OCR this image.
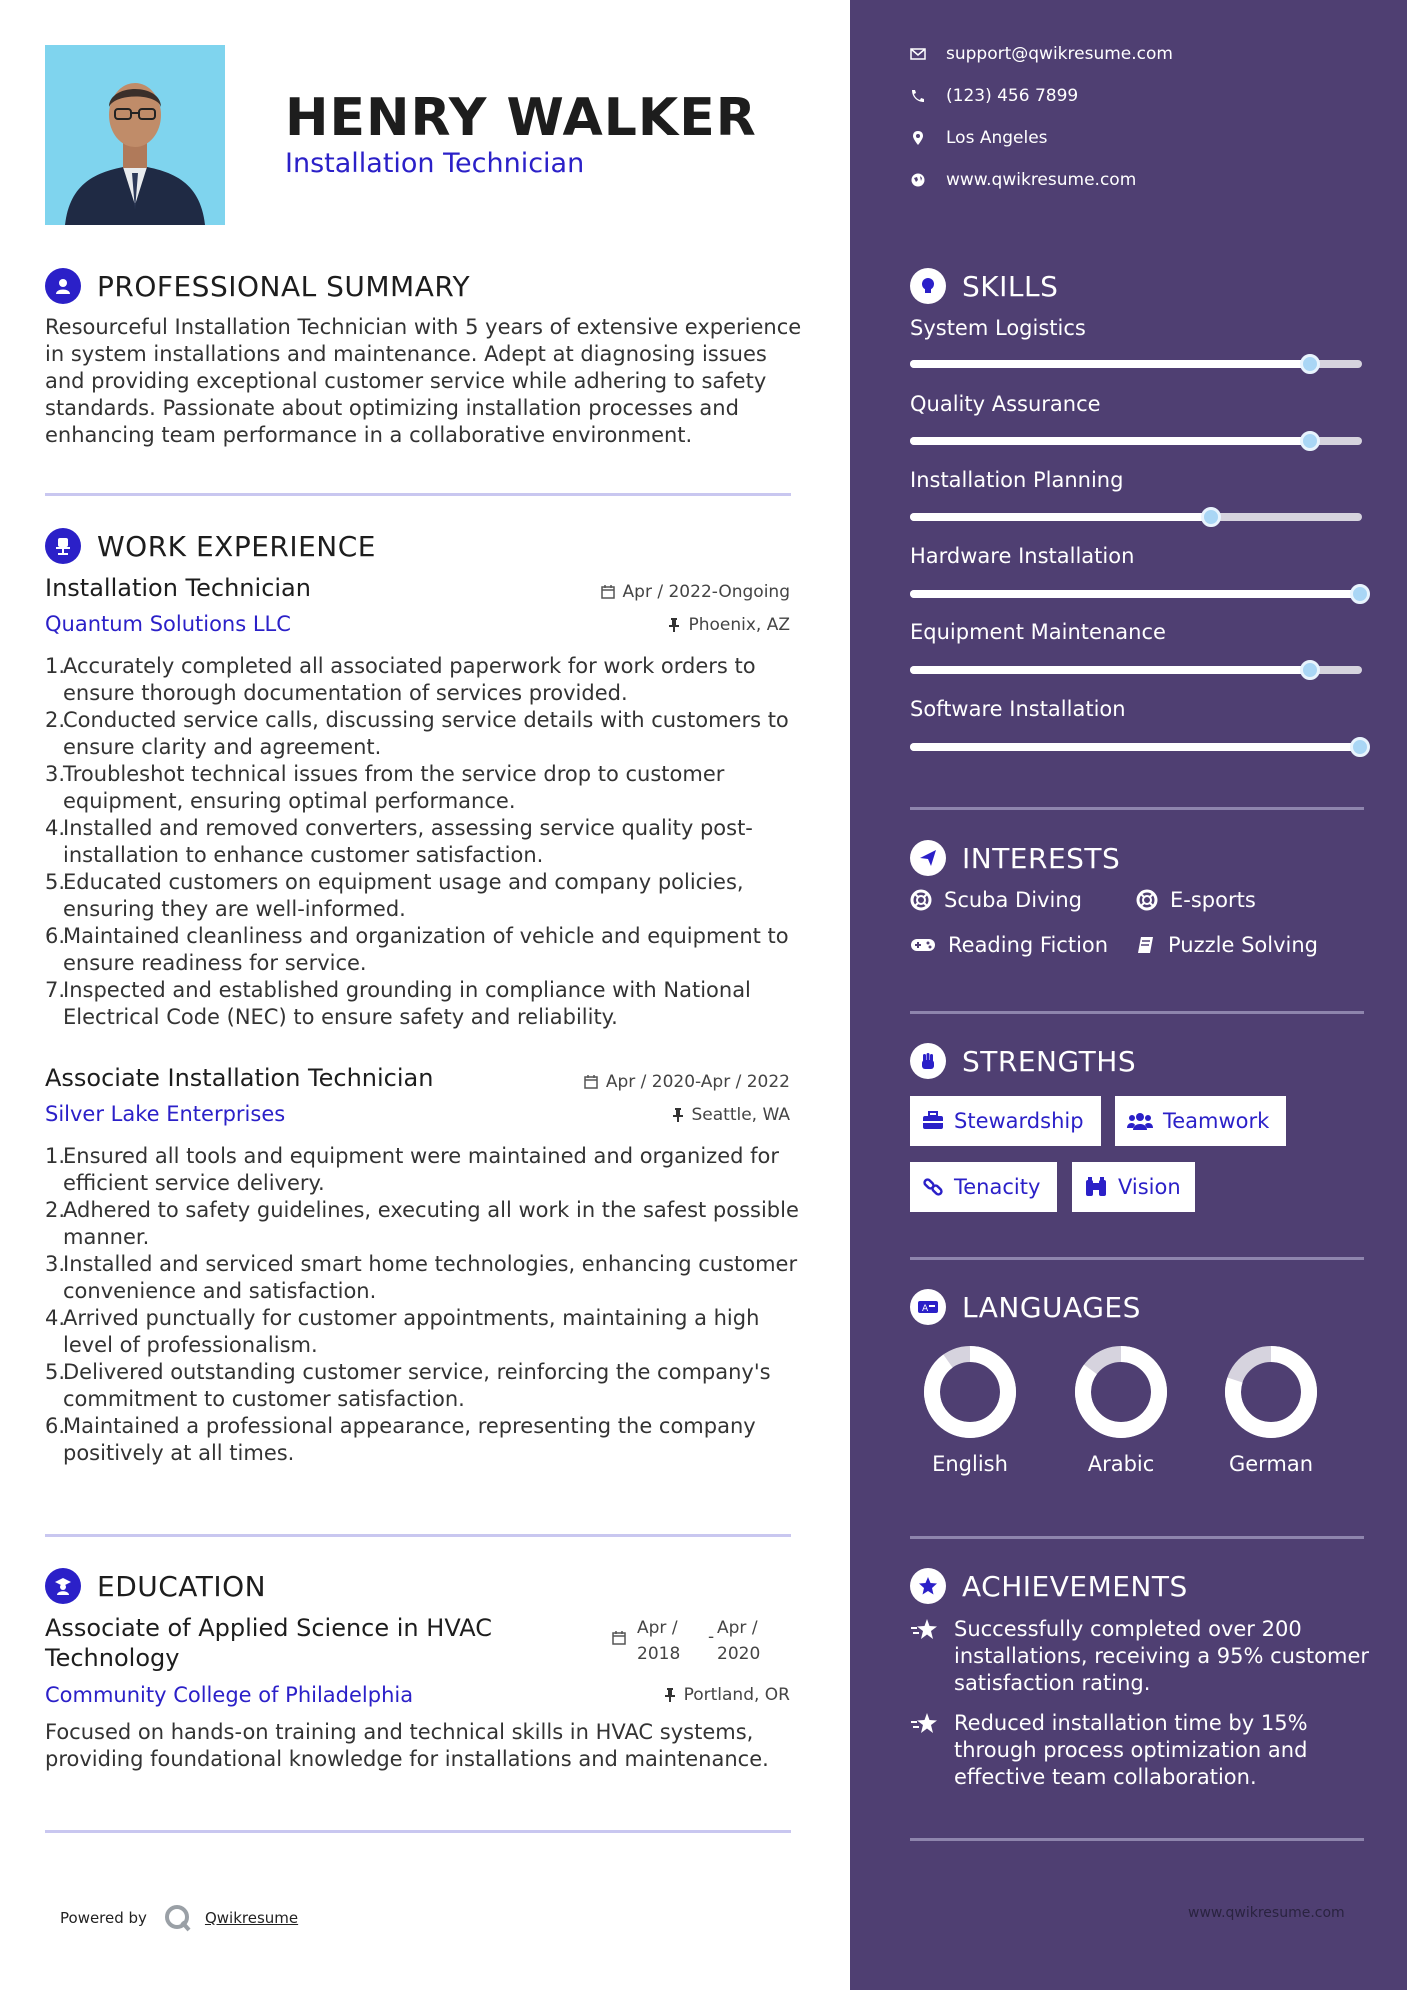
HENRY WALKER
Installation Technician
PROFESSIONAL SUMMARY
Resourceful Installation Technician with 5 years of extensive experience in system installations and maintenance. Adept at diagnosing issues and providing exceptional customer service while adhering to safety standards. Passionate about optimizing installation processes and enhancing team performance in a collaborative environment.
WORK EXPERIENCE
Installation Technician	Apr / 2022-Ongoing
Quantum Solutions LLC	Phoenix, AZ
1.
Accurately completed all associated paperwork for work orders to ensure thorough documentation of services provided.
2.
Conducted service calls, discussing service details with customers to ensure clarity and agreement.
3.
Troubleshot technical issues from the service drop to customer equipment, ensuring optimal performance.
4.
Installed and removed converters, assessing service quality post-installation to enhance customer satisfaction.
5.
Educated customers on equipment usage and company policies, ensuring they are well-informed.
6.
Maintained cleanliness and organization of vehicle and equipment to ensure readiness for service.
7.
Inspected and established grounding in compliance with National Electrical Code (NEC) to ensure safety and reliability.
Associate Installation Technician	Apr / 2020-Apr / 2022
Silver Lake Enterprises	Seattle, WA
1.
Ensured all tools and equipment were maintained and organized for efficient service delivery.
2.
Adhered to safety guidelines, executing all work in the safest possible manner.
3.
Installed and serviced smart home technologies, enhancing customer convenience and satisfaction.
4.
Arrived punctually for customer appointments, maintaining a high level of professionalism.
5.
Delivered outstanding customer service, reinforcing the company's commitment to customer satisfaction.
6.
Maintained a professional appearance, representing the company positively at all times.
EDUCATION
Associate of Applied Science in HVAC Technology
Apr /
2018
- Apr /
2020
Community College of Philadelphia	Portland, OR
Focused on hands-on training and technical skills in HVAC systems, providing foundational knowledge for installations and maintenance.
Powered by	Qwikresume
support@qwikresume.com
(123) 456 7899
Los Angeles
www.qwikresume.com
SKILLS
System Logistics
Quality Assurance
Installation Planning
Hardware Installation
Equipment Maintenance
Software Installation
INTERESTS
Scuba Diving	E-sports
Reading Fiction	Puzzle Solving
STRENGTHS
Stewardship	Teamwork
Tenacity	Vision
A LANGUAGES
English	Arabic	German
ACHIEVEMENTS
Successfully completed over 200 installations, receiving a 95% customer satisfaction rating.
Reduced installation time by 15% through process optimization and effective team collaboration.
www.qwikresume.com
